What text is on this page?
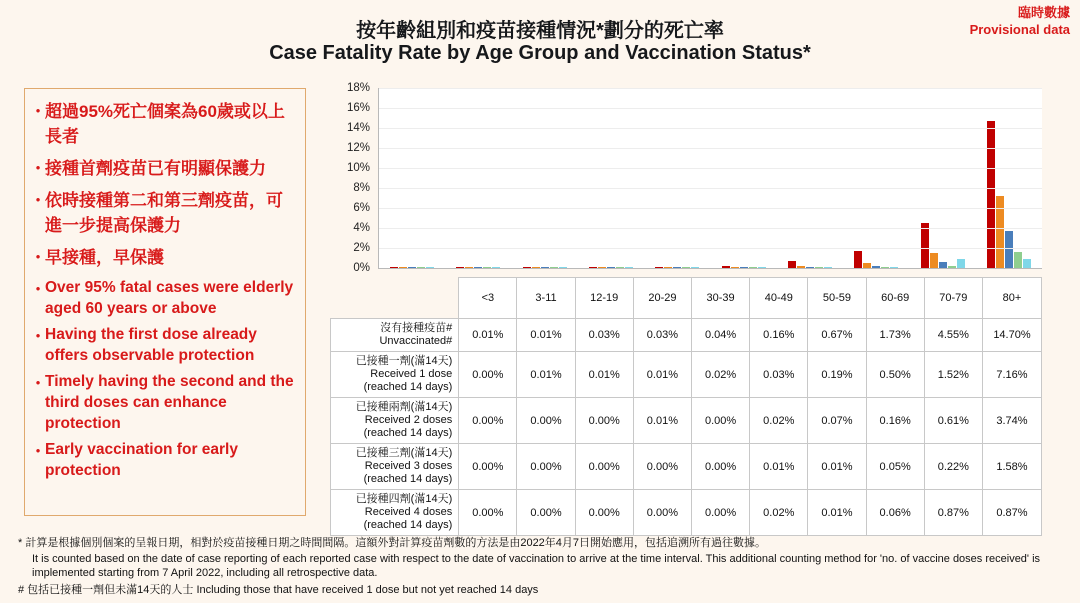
臨時數據
Provisional data
按年齡組別和疫苗接種情況*劃分的死亡率
Case Fatality Rate by Age Group and Vaccination Status*
• 超過95%死亡個案為60歲或以上長者
• 接種首劑疫苗已有明顯保護力
• 依時接種第二和第三劑疫苗，可進一步提高保護力
• 早接種，早保護
• Over 95% fatal cases were elderly aged 60 years or above
• Having the first dose already offers observable protection
• Timely having the second and the third doses can enhance protection
• Early vaccination for early protection
0%
2%
4%
6%
8%
10%
12%
14%
16%
18%
	<3	3-11	12-19	20-29	30-39	40-49	50-59	60-69	70-79	80+

沒有接種疫苗#
Unvaccinated#	0.01%	0.01%	0.03%	0.03%	0.04%	0.16%	0.67%	1.73%	4.55%	14.70%

已接種一劑(滿14天)
Received 1 dose
(reached 14 days)	0.00%	0.01%	0.01%	0.01%	0.02%	0.03%	0.19%	0.50%	1.52%	7.16%

已接種兩劑(滿14天)
Received 2 doses
(reached 14 days)	0.00%	0.00%	0.00%	0.01%	0.00%	0.02%	0.07%	0.16%	0.61%	3.74%

已接種三劑(滿14天)
Received 3 doses
(reached 14 days)	0.00%	0.00%	0.00%	0.00%	0.00%	0.01%	0.01%	0.05%	0.22%	1.58%

已接種四劑(滿14天)
Received 4 doses
(reached 14 days)	0.00%	0.00%	0.00%	0.00%	0.00%	0.02%	0.01%	0.06%	0.87%	0.87%
* 計算是根據個別個案的呈報日期，相對於疫苗接種日期之時間間隔。這額外對計算疫苗劑數的方法是由2022年4月7日開始應用，包括追溯所有過往數據。
It is counted based on the date of case reporting of each reported case with respect to the date of vaccination to arrive at the time interval. This additional counting method for 'no. of vaccine doses received' is implemented starting from 7 April 2022, including all retrospective data.
# 包括已接種一劑但未滿14天的人士 Including those that have received 1 dose but not yet reached 14 days
